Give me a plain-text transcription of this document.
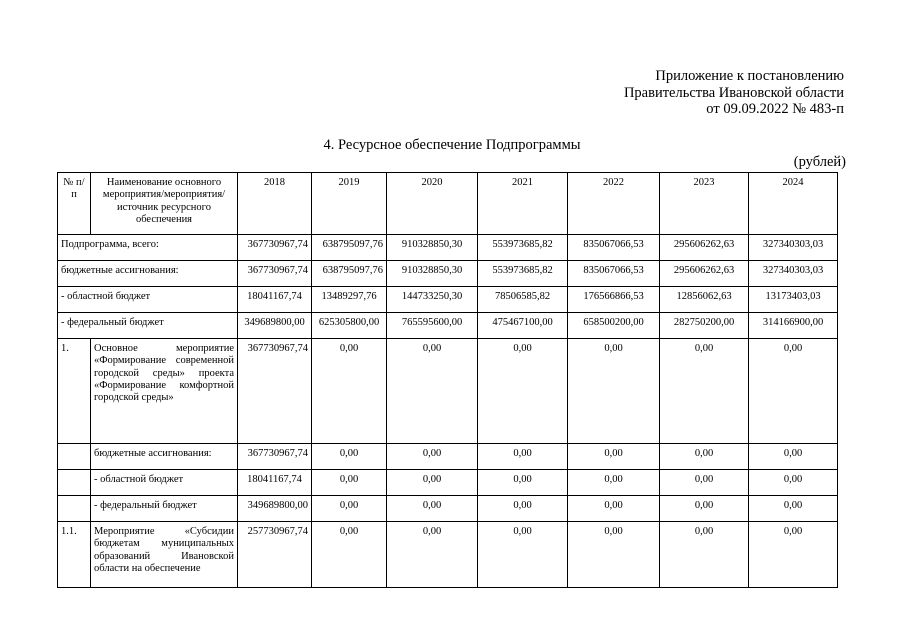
Приложение к постановлению
Правительства Ивановской области
от 09.09.2022 № 483-п
4. Ресурсное обеспечение Подпрограммы
(рублей)
№ п/п	Наименование основного мероприятия/мероприятия/ источник ресурсного обеспечения	2018	2019	2020	2021	2022	2023	2024
Подпрограмма, всего:		367730967,74	638795097,76	910328850,30	553973685,82	835067066,53	295606262,63	327340303,03
бюджетные ассигнования:		367730967,74	638795097,76	910328850,30	553973685,82	835067066,53	295606262,63	327340303,03
- областной бюджет		18041167,74	13489297,76	144733250,30	78506585,82	176566866,53	12856062,63	13173403,03
- федеральный бюджет		349689800,00	625305800,00	765595600,00	475467100,00	658500200,00	282750200,00	314166900,00
1.	Основное мероприятие «Формирование современной городской среды» проекта «Формирование комфортной городской среды»	367730967,74	0,00	0,00	0,00	0,00	0,00	0,00
	бюджетные ассигнования:	367730967,74	0,00	0,00	0,00	0,00	0,00	0,00
	- областной бюджет	18041167,74	0,00	0,00	0,00	0,00	0,00	0,00
	- федеральный бюджет	349689800,00	0,00	0,00	0,00	0,00	0,00	0,00
1.1.	Мероприятие «Субсидии бюджетам муниципальных образований Ивановской области на обеспечение	257730967,74	0,00	0,00	0,00	0,00	0,00	0,00
